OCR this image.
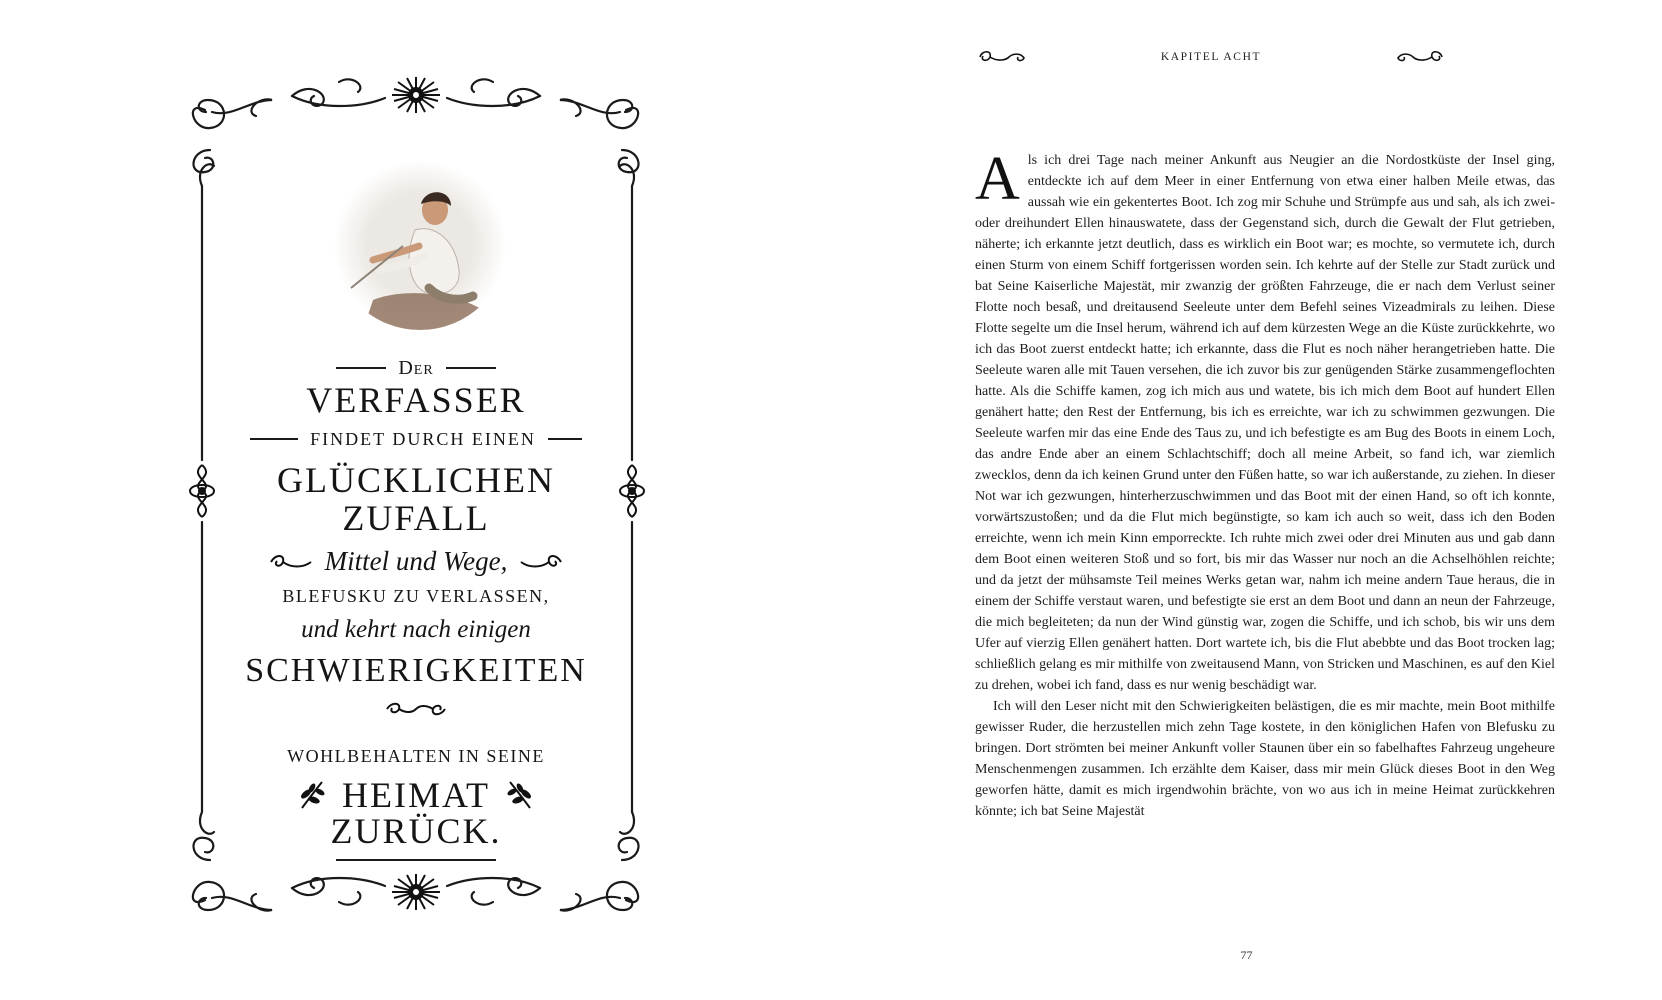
Der
VERFASSER
FINDET DURCH EINEN
GLÜCKLICHEN
ZUFALL
Mittel und Wege,
BLEFUSKU ZU VERLASSEN,
und kehrt nach einigen
SCHWIERIGKEITEN
WOHLBEHALTEN IN SEINE
HEIMAT
ZURÜCK.
KAPITEL ACHT

Als ich drei Tage nach meiner Ankunft aus Neugier an die Nordostküste der Insel ging, entdeckte ich auf dem Meer in einer Entfernung von etwa einer halben Meile etwas, das aussah wie ein gekentertes Boot. Ich zog mir Schuhe und Strümpfe aus und sah, als ich zwei- oder dreihundert Ellen hinauswatete, dass der Gegenstand sich, durch die Gewalt der Flut getrieben, näherte; ich erkannte jetzt deutlich, dass es wirklich ein Boot war; es mochte, so vermutete ich, durch einen Sturm von einem Schiff fortgerissen worden sein. Ich kehrte auf der Stelle zur Stadt zurück und bat Seine Kaiserliche Majestät, mir zwanzig der größten Fahrzeuge, die er nach dem Verlust seiner Flotte noch besaß, und dreitausend Seeleute unter dem Befehl seines Vizeadmirals zu leihen. Diese Flotte segelte um die Insel herum, während ich auf dem kürzesten Wege an die Küste zurückkehrte, wo ich das Boot zuerst entdeckt hatte; ich erkannte, dass die Flut es noch näher herangetrieben hatte. Die Seeleute waren alle mit Tauen versehen, die ich zuvor bis zur genügenden Stärke zusammengeflochten hatte. Als die Schiffe kamen, zog ich mich aus und watete, bis ich mich dem Boot auf hundert Ellen genähert hatte; den Rest der Entfernung, bis ich es erreichte, war ich zu schwimmen gezwungen. Die Seeleute warfen mir das eine Ende des Taus zu, und ich befestigte es am Bug des Boots in einem Loch, das andre Ende aber an einem Schlachtschiff; doch all meine Arbeit, so fand ich, war ziemlich zwecklos, denn da ich keinen Grund unter den Füßen hatte, so war ich außerstande, zu ziehen. In dieser Not war ich gezwungen, hinterherzuschwimmen und das Boot mit der einen Hand, so oft ich konnte, vorwärtszustoßen; und da die Flut mich begünstigte, so kam ich auch so weit, dass ich den Boden erreichte, wenn ich mein Kinn emporreckte. Ich ruhte mich zwei oder drei Minuten aus und gab dann dem Boot einen weiteren Stoß und so fort, bis mir das Wasser nur noch an die Achselhöhlen reichte; und da jetzt der mühsamste Teil meines Werks getan war, nahm ich meine andern Taue heraus, die in einem der Schiffe verstaut waren, und befestigte sie erst an dem Boot und dann an neun der Fahrzeuge, die mich begleiteten; da nun der Wind günstig war, zogen die Schiffe, und ich schob, bis wir uns dem Ufer auf vierzig Ellen genähert hatten. Dort wartete ich, bis die Flut abebbte und das Boot trocken lag; schließlich gelang es mir mithilfe von zweitausend Mann, von Stricken und Maschinen, es auf den Kiel zu drehen, wobei ich fand, dass es nur wenig beschädigt war.

Ich will den Leser nicht mit den Schwierigkeiten belästigen, die es mir machte, mein Boot mithilfe gewisser Ruder, die herzustellen mich zehn Tage kostete, in den königlichen Hafen von Blefusku zu bringen. Dort strömten bei meiner Ankunft voller Staunen über ein so fabelhaftes Fahrzeug ungeheure Menschenmengen zusammen. Ich erzählte dem Kaiser, dass mir mein Glück dieses Boot in den Weg geworfen hätte, damit es mich irgendwohin brächte, von wo aus ich in meine Heimat zurückkehren könnte; ich bat Seine Majestät

77
